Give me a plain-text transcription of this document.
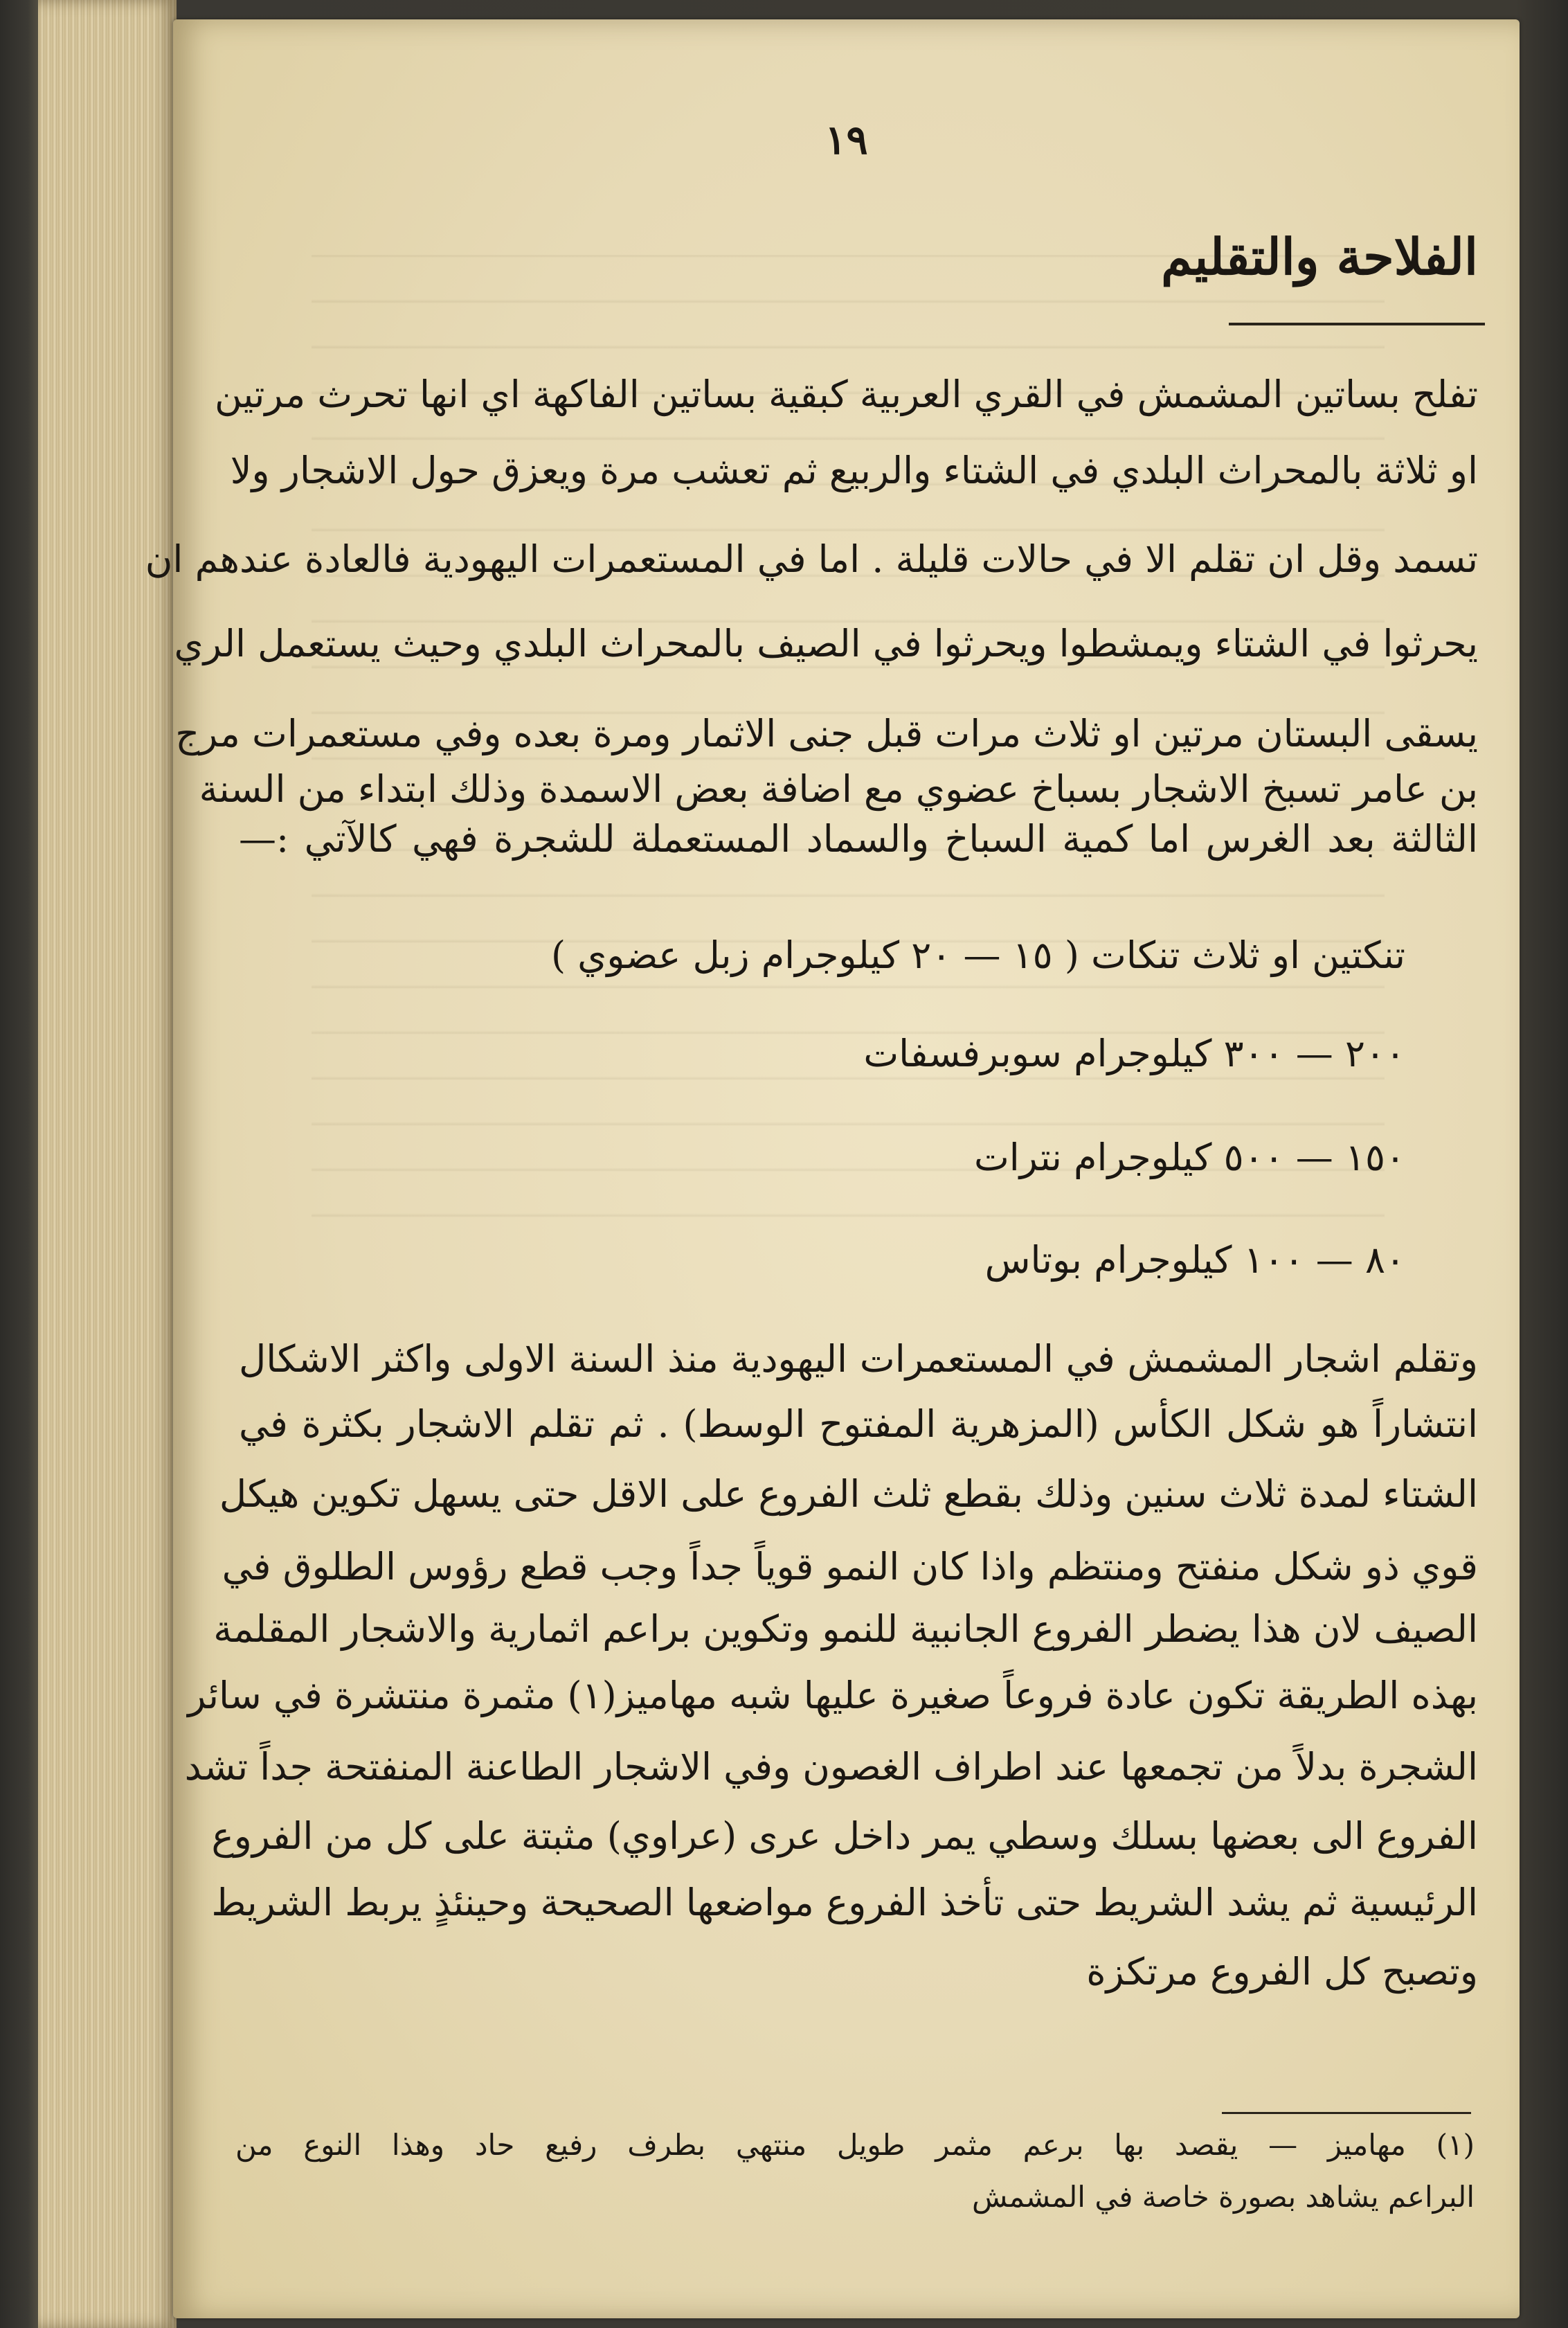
١٩
الفلاحة والتقليم
تفلح بساتين المشمش في القري العربية كبقية بساتين الفاكهة اي انها تحرث مرتين
او ثلاثة بالمحراث البلدي في الشتاء والربيع ثم تعشب مرة ويعزق حول الاشجار ولا
تسمد وقل ان تقلم الا في حالات قليلة . اما في المستعمرات اليهودية فالعادة عندهم ان
يحرثوا في الشتاء ويمشطوا ويحرثوا في الصيف بالمحراث البلدي وحيث يستعمل الري
يسقى البستان مرتين او ثلاث مرات قبل جنى الاثمار ومرة بعده وفي مستعمرات مرج
بن عامر تسبخ الاشجار بسباخ عضوي مع اضافة بعض الاسمدة وذلك ابتداء من السنة
الثالثة بعد الغرس اما كمية السباخ والسماد المستعملة للشجرة فهي كالآتي :—
تنكتين او ثلاث تنكات ( ١٥ — ٢٠ كيلوجرام زبل عضوي )
٢٠٠ — ٣٠٠ كيلوجرام سوبرفسفات
١٥٠ — ٥٠٠ كيلوجرام نترات
٨٠ — ١٠٠ كيلوجرام بوتاس
وتقلم اشجار المشمش في المستعمرات اليهودية منذ السنة الاولى واكثر الاشكال
انتشاراً هو شكل الكأس (المزهرية المفتوح الوسط) . ثم تقلم الاشجار بكثرة في
الشتاء لمدة ثلاث سنين وذلك بقطع ثلث الفروع على الاقل حتى يسهل تكوين هيكل
قوي ذو شكل منفتح ومنتظم واذا كان النمو قوياً جداً وجب قطع رؤوس الطلوق في
الصيف لان هذا يضطر الفروع الجانبية للنمو وتكوين براعم اثمارية والاشجار المقلمة
بهذه الطريقة تكون عادة فروعاً صغيرة عليها شبه مهاميز(١) مثمرة منتشرة في سائر
الشجرة بدلاً من تجمعها عند اطراف الغصون وفي الاشجار الطاعنة المنفتحة جداً تشد
الفروع الى بعضها بسلك وسطي يمر داخل عرى (عراوي) مثبتة على كل من الفروع
الرئيسية ثم يشد الشريط حتى تأخذ الفروع مواضعها الصحيحة وحينئذٍ يربط الشريط
وتصبح كل الفروع مرتكزة
(١) مهاميز — يقصد بها برعم مثمر طويل منتهي بطرف رفيع حاد وهذا النوع من
البراعم يشاهد بصورة خاصة في المشمش
